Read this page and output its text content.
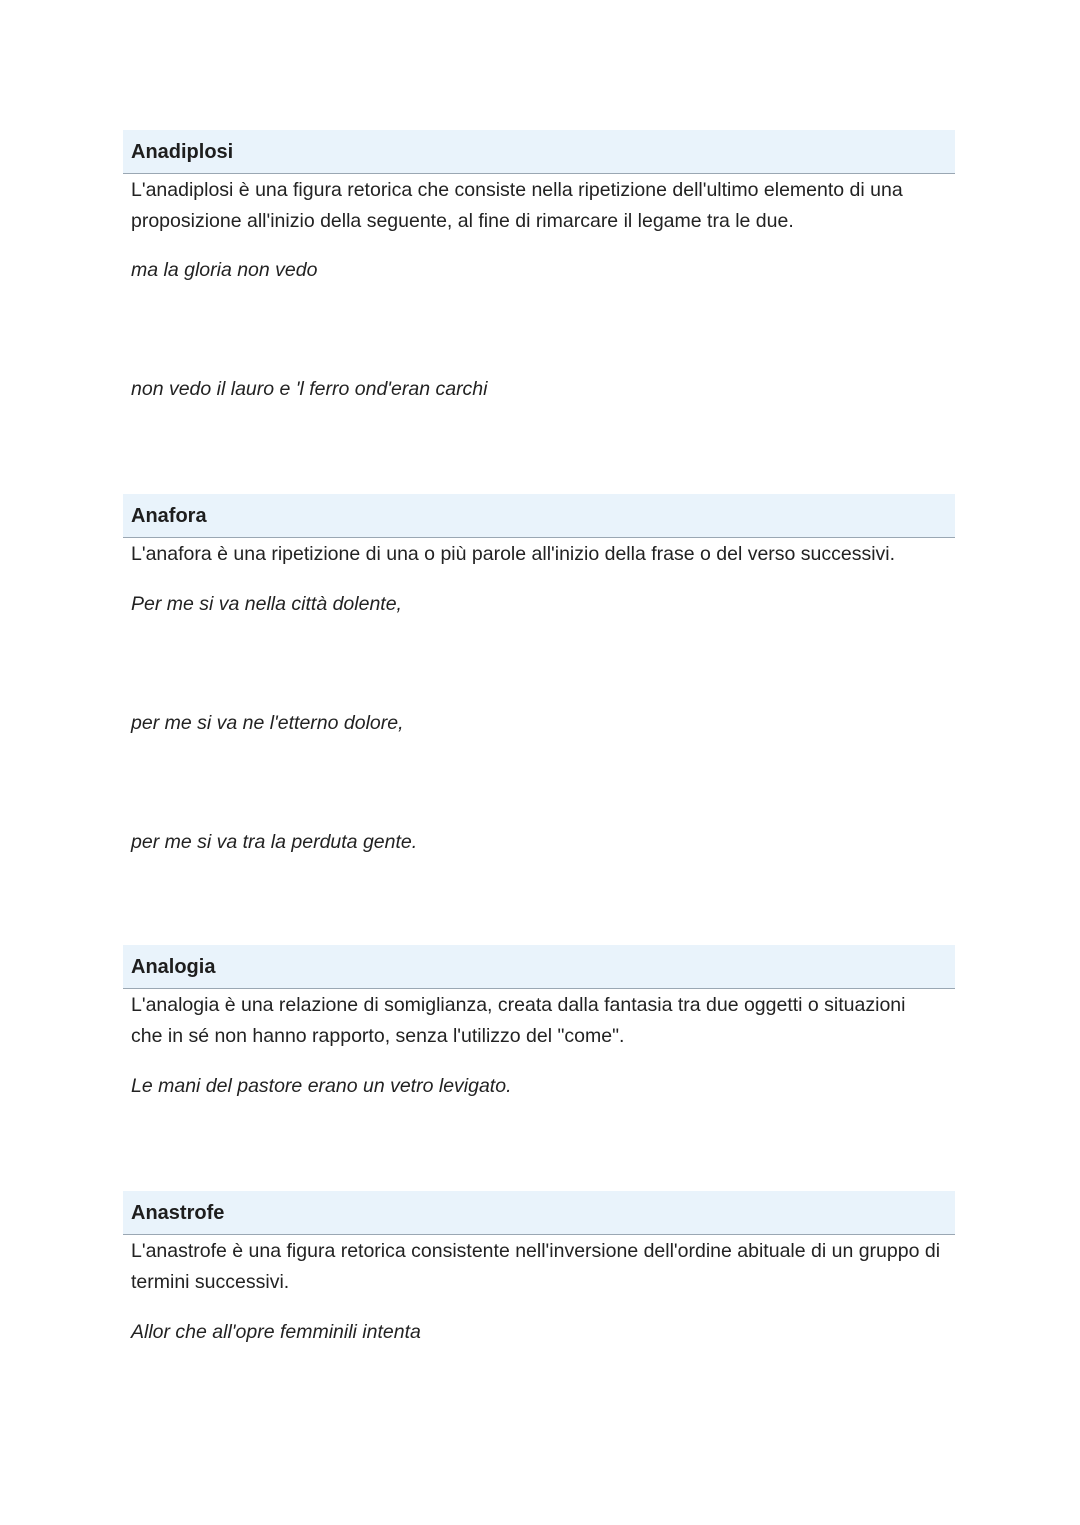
Anadiplosi

L'anadiplosi è una figura retorica che consiste nella ripetizione dell'ultimo elemento di una proposizione all'inizio della seguente, al fine di rimarcare il legame tra le due.

ma la gloria non vedo
non vedo il lauro e 'l ferro ond'eran carchi
Anafora

L'anafora è una ripetizione di una o più parole all'inizio della frase o del verso successivi.

Per me si va nella città dolente,
per me si va ne l'etterno dolore,
per me si va tra la perduta gente.
Analogia

L'analogia è una relazione di somiglianza, creata dalla fantasia tra due oggetti o situazioni che in sé non hanno rapporto, senza l'utilizzo del "come".

Le mani del pastore erano un vetro levigato.
Anastrofe

L'anastrofe è una figura retorica consistente nell'inversione dell'ordine abituale di un gruppo di termini successivi.

Allor che all'opre femminili intenta
